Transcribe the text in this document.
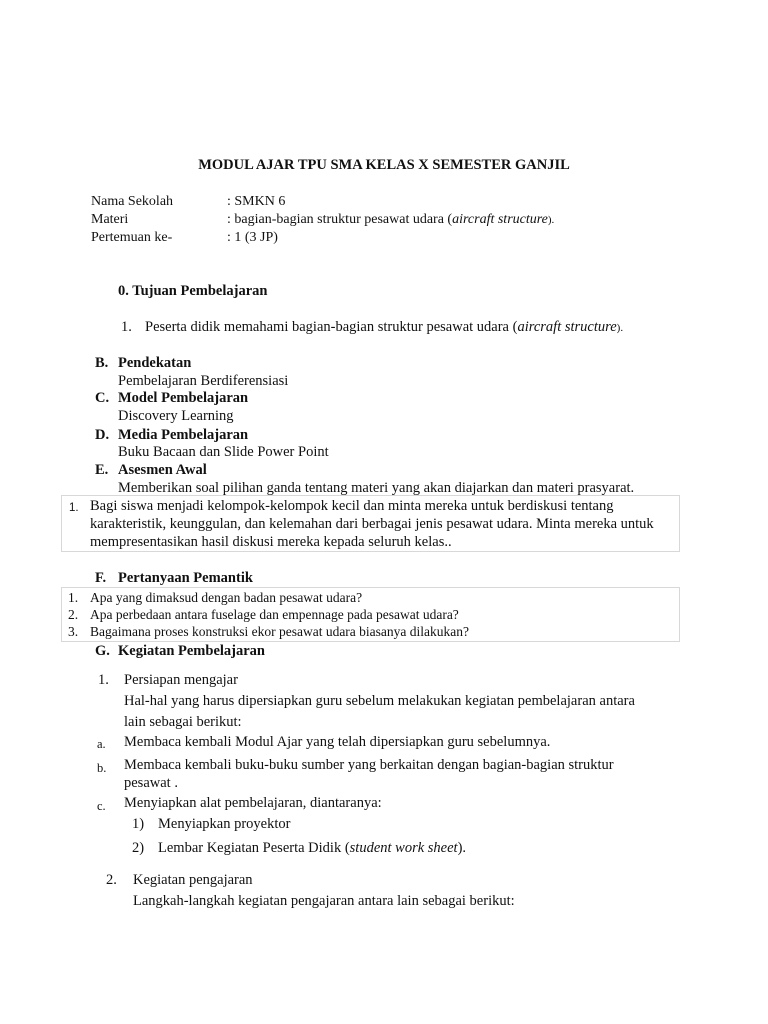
MODUL AJAR TPU SMA KELAS X SEMESTER GANJIL
Nama Sekolah	: SMKN 6
Materi	: bagian-bagian struktur pesawat udara (aircraft structure).
Pertemuan ke-	: 1 (3 JP)
0. Tujuan Pembelajaran
1. Peserta didik memahami bagian-bagian struktur pesawat udara (aircraft structure).
B. Pendekatan
Pembelajaran Berdiferensiasi
C. Model Pembelajaran
Discovery Learning
D. Media Pembelajaran
Buku Bacaan dan Slide Power Point
E. Asesmen Awal
Memberikan soal pilihan ganda tentang materi yang akan diajarkan dan materi prasyarat.
1. Bagi siswa menjadi kelompok-kelompok kecil dan minta mereka untuk berdiskusi tentang
karakteristik, keunggulan, dan kelemahan dari berbagai jenis pesawat udara. Minta mereka untuk
mempresentasikan hasil diskusi mereka kepada seluruh kelas..
F. Pertanyaan Pemantik
1. Apa yang dimaksud dengan badan pesawat udara?
2. Apa perbedaan antara fuselage dan empennage pada pesawat udara?
3. Bagaimana proses konstruksi ekor pesawat udara biasanya dilakukan?
G. Kegiatan Pembelajaran
1. Persiapan mengajar
Hal-hal yang harus dipersiapkan guru sebelum melakukan kegiatan pembelajaran antara
lain sebagai berikut:
a. Membaca kembali Modul Ajar yang telah dipersiapkan guru sebelumnya.
b. Membaca kembali buku-buku sumber yang berkaitan dengan bagian-bagian struktur
pesawat .
c. Menyiapkan alat pembelajaran, diantaranya:
1) Menyiapkan proyektor
2) Lembar Kegiatan Peserta Didik (student work sheet).
2. Kegiatan pengajaran
Langkah-langkah kegiatan pengajaran antara lain sebagai berikut:
